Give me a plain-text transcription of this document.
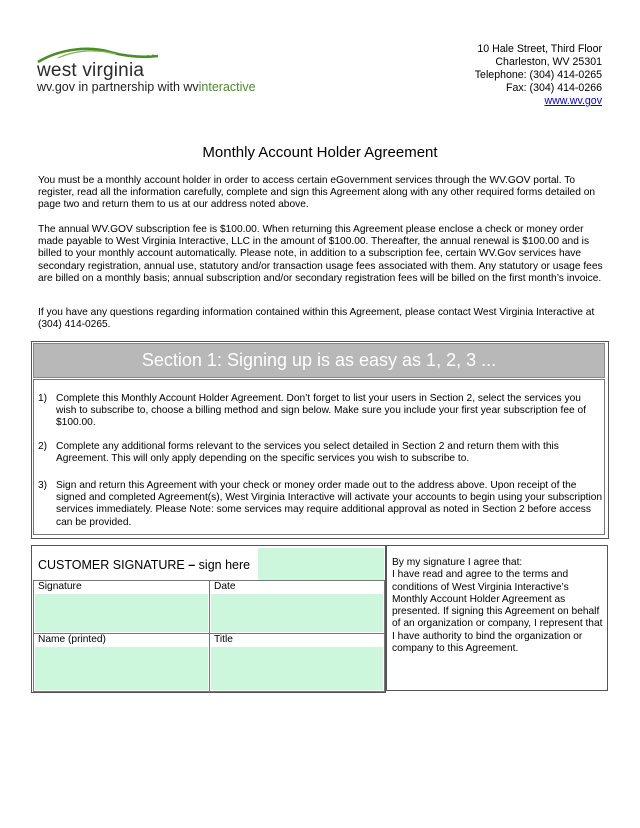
west virginia
wv.gov in partnership with wvinteractive
10 Hale Street, Third Floor
Charleston, WV 25301
Telephone: (304) 414-0265
Fax: (304) 414-0266
www.wv.gov
Monthly Account Holder Agreement
You must be a monthly account holder in order to access certain eGovernment services through the WV.GOV portal. To register, read all the information carefully, complete and sign this Agreement along with any other required forms detailed on page two and return them to us at our address noted above.
The annual WV.GOV subscription fee is $100.00. When returning this Agreement please enclose a check or money order made payable to West Virginia Interactive, LLC in the amount of $100.00. Thereafter, the annual renewal is $100.00 and is billed to your monthly account automatically. Please note, in addition to a subscription fee, certain WV.Gov services have secondary registration, annual use, statutory and/or transaction usage fees associated with them. Any statutory or usage fees are billed on a monthly basis; annual subscription and/or secondary registration fees will be billed on the first month’s invoice.
If you have any questions regarding information contained within this Agreement, please contact West Virginia Interactive at (304) 414-0265.
Section 1: Signing up is as easy as 1, 2, 3 ...
1) Complete this Monthly Account Holder Agreement. Don’t forget to list your users in Section 2, select the services you wish to subscribe to, choose a billing method and sign below. Make sure you include your first year subscription fee of $100.00.
2) Complete any additional forms relevant to the services you select detailed in Section 2 and return them with this Agreement. This will only apply depending on the specific services you wish to subscribe to.
3) Sign and return this Agreement with your check or money order made out to the address above. Upon receipt of the signed and completed Agreement(s), West Virginia Interactive will activate your accounts to begin using your subscription services immediately. Please Note: some services may require additional approval as noted in Section 2 before access can be provided.
CUSTOMER SIGNATURE – sign here
Signature	Date
Name (printed)	Title
By my signature I agree that:
I have read and agree to the terms and conditions of West Virginia Interactive’s Monthly Account Holder Agreement as presented. If signing this Agreement on behalf of an organization or company, I represent that I have authority to bind the organization or company to this Agreement.
